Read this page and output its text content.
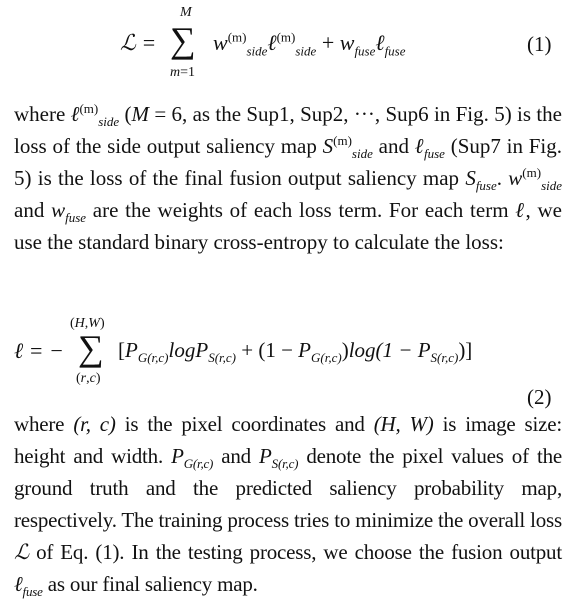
ℒ =
M
∑
m=1
$w^{(m)}_{side}\ell^{(m)}_{side}$ + $w_{fuse}\ell_{fuse}$	(1)

where ℓ$^{(m)}_{side}$ (M = 6, as the Sup1, Sup2, ···, Sup6 in Fig. 5) is the loss of the side output saliency map $S^{(m)}_{side}$ and ℓ$_{fuse}$ (Sup7 in Fig. 5) is the loss of the final fusion output saliency map $S_{fuse}$. $w^{(m)}_{side}$ and $w_{fuse}$ are the weights of each loss term. For each term ℓ, we use the standard binary cross-entropy to calculate the loss:

ℓ = −
(H,W)
∑
(r,c)
$[P_{G(r,c)}\log P_{S(r,c)} + (1 - P_{G(r,c)})\log(1 - P_{S(r,c)})]$
(2)

where (r, c) is the pixel coordinates and (H, W) is image size: height and width. $P_{G(r,c)}$ and $P_{S(r,c)}$ denote the pixel values of the ground truth and the predicted saliency probability map, respectively. The training process tries to minimize the overall loss ℒ of Eq. (1). In the testing process, we choose the fusion output ℓ$_{fuse}$ as our final saliency map.
